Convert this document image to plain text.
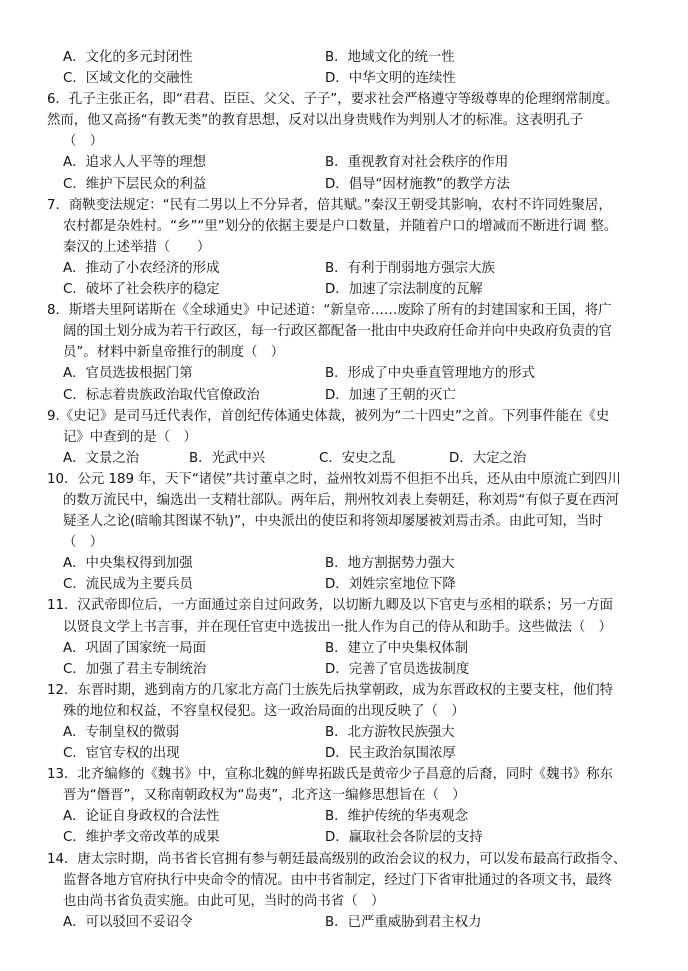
A．文化的多元封闭性	B．地域文化的统一性
C．区域文化的交融性	D．中华文明的连续性
6．孔子主张正名，即“君君、臣臣、父父、子子”，要求社会严格遵守等级尊卑的伦理纲常制度。
然而，他又高扬“有教无类”的教育思想，反对以出身贵贱作为判别人才的标准。这表明孔子
（　）
A．追求人人平等的理想	B．重视教育对社会秩序的作用
C．维护下层民众的利益	D．倡导“因材施教”的教学方法
7．商鞅变法规定：“民有二男以上不分异者，倍其赋。”秦汉王朝受其影响，农村不许同姓聚居，
农村都是杂姓村。“乡”“里”划分的依据主要是户口数量，并随着户口的增减而不断进行调 整。
秦汉的上述举措（　　）
A．推动了小农经济的形成	B．有利于削弱地方强宗大族
C．破坏了社会秩序的稳定	D．加速了宗法制度的瓦解
8．斯塔夫里阿诺斯在《全球通史》中记述道：“新皇帝……废除了所有的封建国家和王国，将广
阔的国土划分成为若干行政区，每一行政区都配备一批由中央政府任命并向中央政府负责的官
员”。材料中新皇帝推行的制度（　）
A．官员选拔根据门第	B．形成了中央垂直管理地方的形式
C．标志着贵族政治取代官僚政治	D．加速了王朝的灭亡
9.《史记》是司马迁代表作，首创纪传体通史体裁，被列为“二十四史”之首。下列事件能在《史
记》中查到的是（　）
A．文景之治	B．光武中兴	C．安史之乱	D．大定之治
10．公元 189 年，天下“诸侯”共讨董卓之时，益州牧刘焉不但拒不出兵，还从由中原流亡到四川
的数万流民中，编选出一支精壮部队。两年后，荆州牧刘表上奏朝廷，称刘焉“有似子夏在西河
疑圣人之论(暗喻其图谋不轨)”，中央派出的使臣和将领却屡屡被刘焉击杀。由此可知，当时
（　）
A．中央集权得到加强	B．地方割据势力强大
C．流民成为主要兵员	D．刘姓宗室地位下降
11．汉武帝即位后，一方面通过亲自过问政务，以切断九卿及以下官吏与丞相的联系；另一方面
以贤良文学上书言事，并在现任官吏中选拔出一批人作为自己的侍从和助手。这些做法（　）
A．巩固了国家统一局面	B．建立了中央集权体制
C．加强了君主专制统治	D．完善了官员选拔制度
12．东晋时期，逃到南方的几家北方高门士族先后执掌朝政，成为东晋政权的主要支柱，他们特
殊的地位和权益，不容皇权侵犯。这一政治局面的出现反映了（　）
A．专制皇权的微弱	B．北方游牧民族强大
C．宦官专权的出现	D．民主政治氛围浓厚
13．北齐编修的《魏书》中，宣称北魏的鲜卑拓跋氏是黄帝少子昌意的后裔，同时《魏书》称东
晋为“僭晋”，又称南朝政权为“岛夷”，北齐这一编修思想旨在（　）
A．论证自身政权的合法性	B．维护传统的华夷观念
C．维护孝文帝改革的成果	D．赢取社会各阶层的支持
14．唐太宗时期，尚书省长官拥有参与朝廷最高级别的政治会议的权力，可以发布最高行政指令、
监督各地方官府执行中央命令的情况。由中书省制定，经过门下省审批通过的各项文书，最终
也由尚书省负责实施。由此可见，当时的尚书省（　）
A．可以驳回不妥诏令	B．已严重威胁到君主权力
